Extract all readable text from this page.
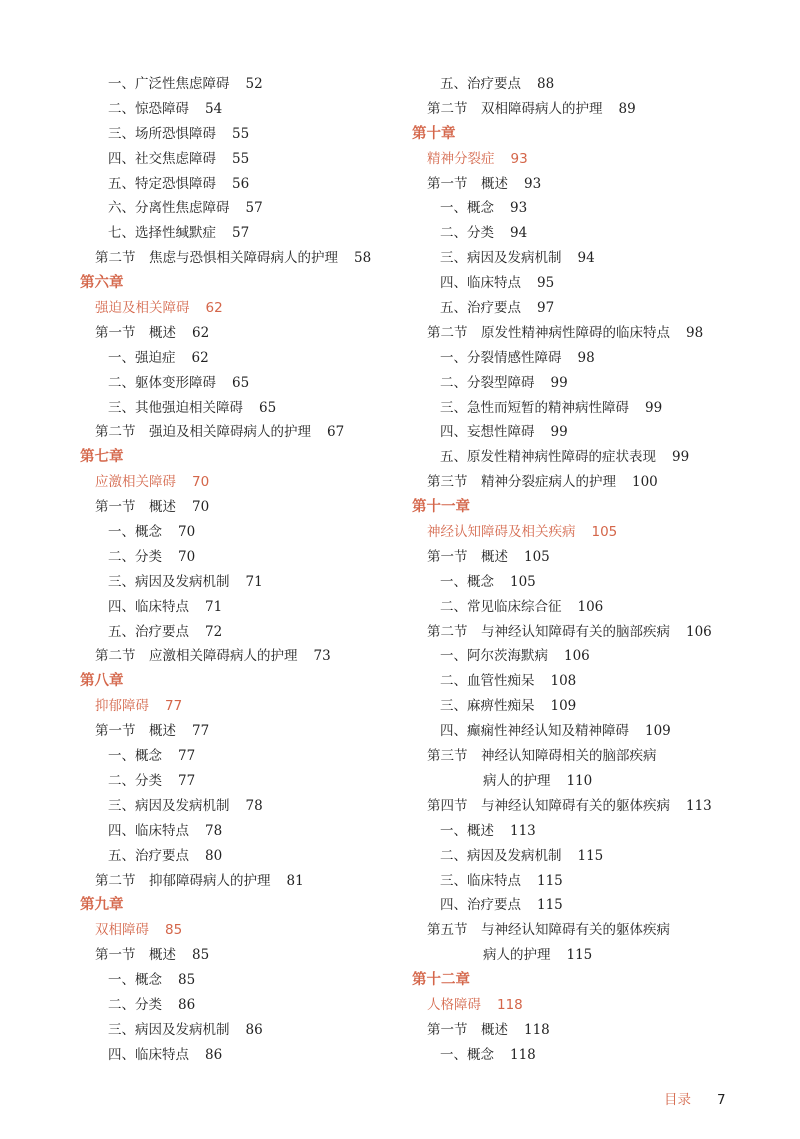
一、广泛性焦虑障碍 52
二、惊恐障碍 54
三、场所恐惧障碍 55
四、社交焦虑障碍 55
五、特定恐惧障碍 56
六、分离性焦虑障碍 57
七、选择性缄默症 57
第二节　焦虑与恐惧相关障碍病人的护理 58
第六章
强迫及相关障碍 62
第一节　概述 62
一、强迫症 62
二、躯体变形障碍 65
三、其他强迫相关障碍 65
第二节　强迫及相关障碍病人的护理 67
第七章
应激相关障碍 70
第一节　概述 70
一、概念 70
二、分类 70
三、病因及发病机制 71
四、临床特点 71
五、治疗要点 72
第二节　应激相关障碍病人的护理 73
第八章
抑郁障碍 77
第一节　概述 77
一、概念 77
二、分类 77
三、病因及发病机制 78
四、临床特点 78
五、治疗要点 80
第二节　抑郁障碍病人的护理 81
第九章
双相障碍 85
第一节　概述 85
一、概念 85
二、分类 86
三、病因及发病机制 86
四、临床特点 86
五、治疗要点 88
第二节　双相障碍病人的护理 89
第十章
精神分裂症 93
第一节　概述 93
一、概念 93
二、分类 94
三、病因及发病机制 94
四、临床特点 95
五、治疗要点 97
第二节　原发性精神病性障碍的临床特点 98
一、分裂情感性障碍 98
二、分裂型障碍 99
三、急性而短暂的精神病性障碍 99
四、妄想性障碍 99
五、原发性精神病性障碍的症状表现 99
第三节　精神分裂症病人的护理 100
第十一章
神经认知障碍及相关疾病 105
第一节　概述 105
一、概念 105
二、常见临床综合征 106
第二节　与神经认知障碍有关的脑部疾病 106
一、阿尔茨海默病 106
二、血管性痴呆 108
三、麻痹性痴呆 109
四、癫痫性神经认知及精神障碍 109
第三节　神经认知障碍相关的脑部疾病
病人的护理 110
第四节　与神经认知障碍有关的躯体疾病 113
一、概述 113
二、病因及发病机制 115
三、临床特点 115
四、治疗要点 115
第五节　与神经认知障碍有关的躯体疾病
病人的护理 115
第十二章
人格障碍 118
第一节　概述 118
一、概念 118
目录 7
